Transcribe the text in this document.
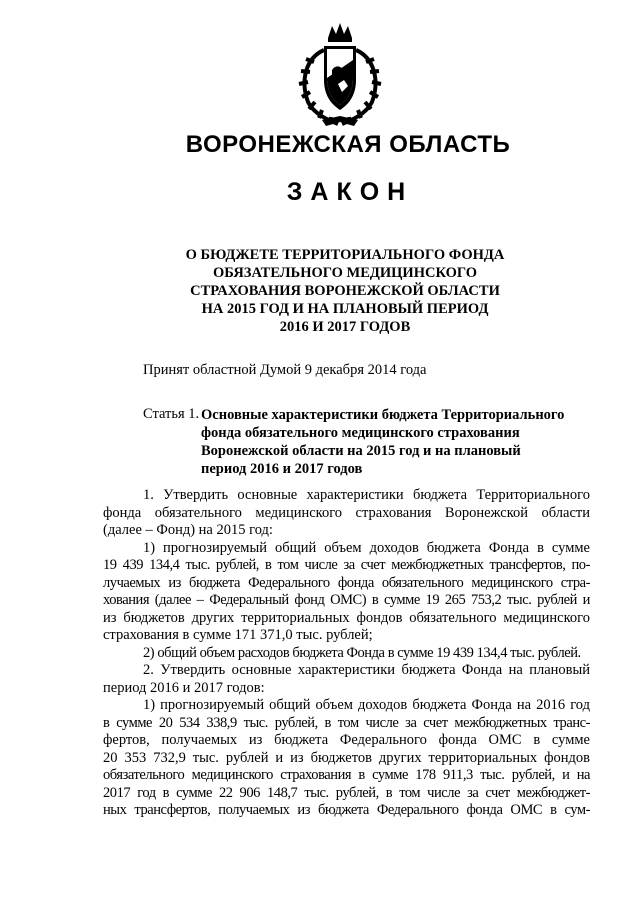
ВОРОНЕЖСКАЯ ОБЛАСТЬ
ЗАКОН
О БЮДЖЕТЕ ТЕРРИТОРИАЛЬНОГО ФОНДА
ОБЯЗАТЕЛЬНОГО МЕДИЦИНСКОГО
СТРАХОВАНИЯ ВОРОНЕЖСКОЙ ОБЛАСТИ
НА 2015 ГОД И НА ПЛАНОВЫЙ ПЕРИОД
2016 И 2017 ГОДОВ
Принят областной Думой 9 декабря 2014 года
Статья 1. Основные характеристики бюджета Территориального
фонда обязательного медицинского страхования
Воронежской области на 2015 год и на плановый
период 2016 и 2017 годов
1. Утвердить основные характеристики бюджета Территориального
фонда обязательного медицинского страхования Воронежской области
(далее – Фонд) на 2015 год:
1) прогнозируемый общий объем доходов бюджета Фонда в сумме
19 439 134,4 тыс. рублей, в том числе за счет межбюджетных трансфертов, по-
лучаемых из бюджета Федерального фонда обязательного медицинского стра-
хования (далее – Федеральный фонд ОМС) в сумме 19 265 753,2 тыс. рублей и
из бюджетов других территориальных фондов обязательного медицинского
страхования в сумме 171 371,0 тыс. рублей;
2) общий объем расходов бюджета Фонда в сумме 19 439 134,4 тыс. рублей.
2. Утвердить основные характеристики бюджета Фонда на плановый
период 2016 и 2017 годов:
1) прогнозируемый общий объем доходов бюджета Фонда на 2016 год
в сумме 20 534 338,9 тыс. рублей, в том числе за счет межбюджетных транс-
фертов, получаемых из бюджета Федерального фонда ОМС в сумме
20 353 732,9 тыс. рублей и из бюджетов других территориальных фондов
обязательного медицинского страхования в сумме 178 911,3 тыс. рублей, и на
2017 год в сумме 22 906 148,7 тыс. рублей, в том числе за счет межбюджет-
ных трансфертов, получаемых из бюджета Федерального фонда ОМС в сум-
